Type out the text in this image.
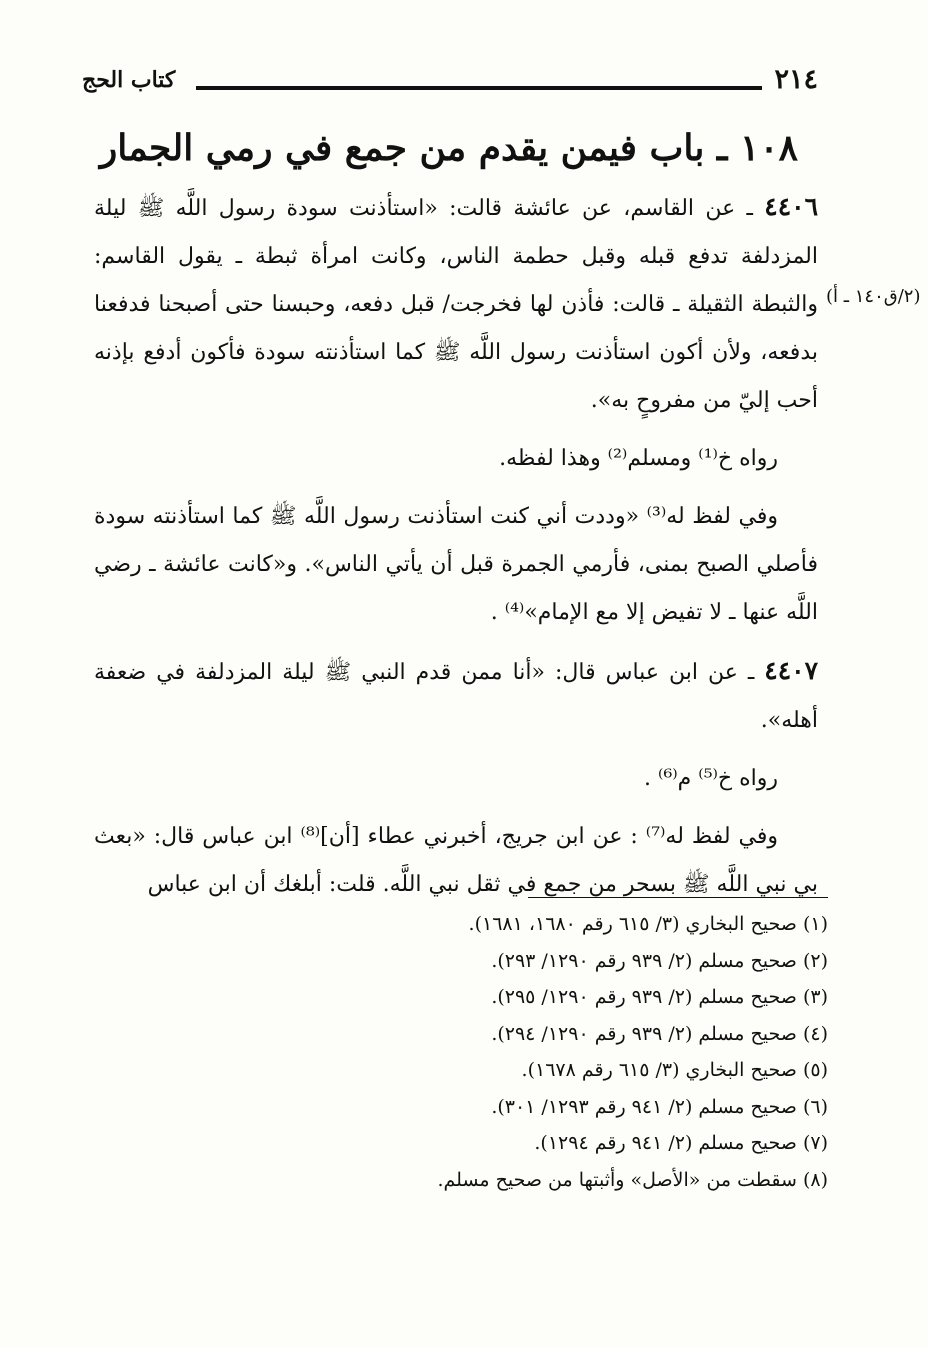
٢١٤
كتاب الحج
١٠٨ ـ باب فيمن يقدم من جمع في رمي الجمار
(٢/ق١٤٠ ـ أ)

٤٤٠٦ ـ عن القاسم، عن عائشة قالت: «استأذنت سودة رسول اللَّه ﷺ ليلة المزدلفة تدفع قبله وقبل حطمة الناس، وكانت امرأة ثبطة ـ يقول القاسم: والثبطة الثقيلة ـ قالت: فأذن لها فخرجت/ قبل دفعه، وحبسنا حتى أصبحنا فدفعنا بدفعه، ولأن أكون استأذنت رسول اللَّه ﷺ كما استأذنته سودة فأكون أدفع بإذنه أحب إليّ من مفروحٍ به».

رواه خ⁽¹⁾ ومسلم⁽²⁾ وهذا لفظه.

وفي لفظ له⁽³⁾ «وددت أني كنت استأذنت رسول اللَّه ﷺ كما استأذنته سودة فأصلي الصبح بمنى، فأرمي الجمرة قبل أن يأتي الناس». و«كانت عائشة ـ رضي اللَّه عنها ـ لا تفيض إلا مع الإمام»⁽⁴⁾ .

٤٤٠٧ ـ عن ابن عباس قال: «أنا ممن قدم النبي ﷺ ليلة المزدلفة في ضعفة أهله».

رواه خ⁽⁵⁾ م⁽⁶⁾ .

وفي لفظ له⁽⁷⁾ : عن ابن جريج، أخبرني عطاء [أن]⁽⁸⁾ ابن عباس قال: «بعث بي نبي اللَّه ﷺ بسحر من جمع في ثقل نبي اللَّه. قلت: أبلغك أن ابن عباس

(١) صحيح البخاري (٣/ ٦١٥ رقم ١٦٨٠، ١٦٨١).
(٢) صحيح مسلم (٢/ ٩٣٩ رقم ١٢٩٠/ ٢٩٣).
(٣) صحيح مسلم (٢/ ٩٣٩ رقم ١٢٩٠/ ٢٩٥).
(٤) صحيح مسلم (٢/ ٩٣٩ رقم ١٢٩٠/ ٢٩٤).
(٥) صحيح البخاري (٣/ ٦١٥ رقم ١٦٧٨).
(٦) صحيح مسلم (٢/ ٩٤١ رقم ١٢٩٣/ ٣٠١).
(٧) صحيح مسلم (٢/ ٩٤١ رقم ١٢٩٤).
(٨) سقطت من «الأصل» وأثبتها من صحيح مسلم.
